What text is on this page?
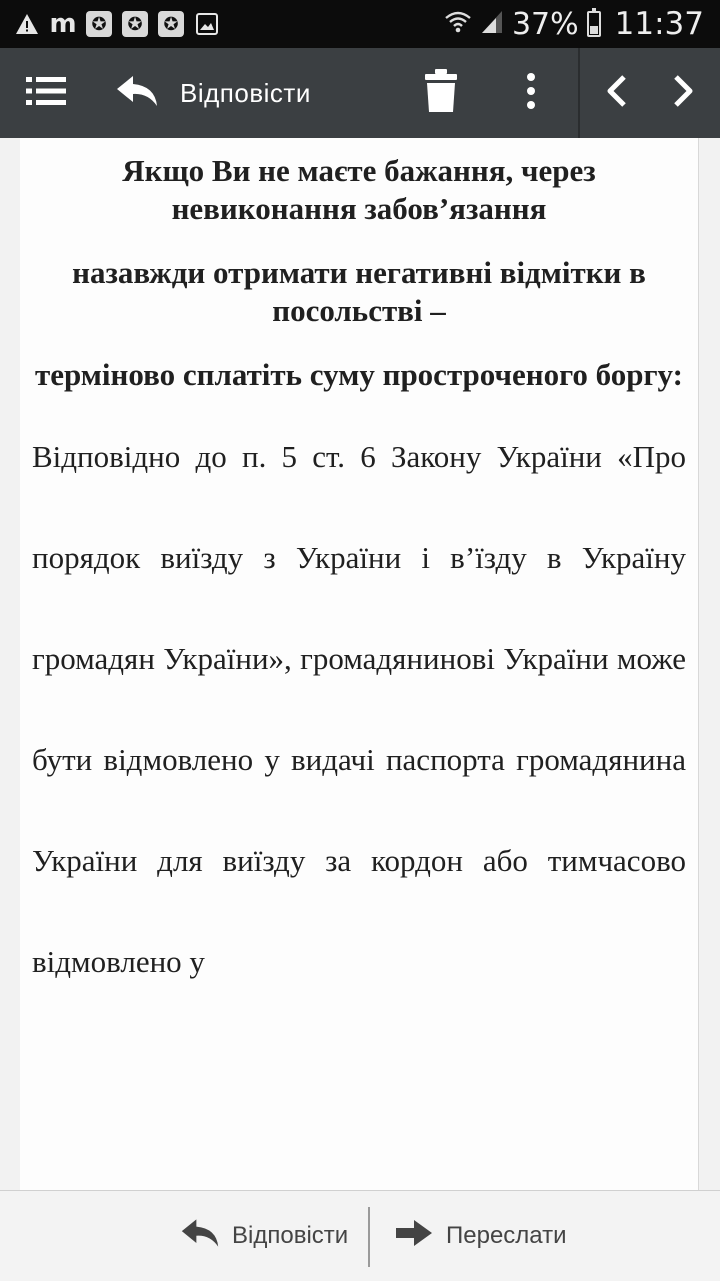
m ✪	✪	✪	37% 11:37
Відповісти
Якщо Ви не маєте бажання, через невиконання забов’язання
назавжди отримати негативні відмітки в посольстві –
терміново сплатіть суму простроченого боргу:
Відповідно до п. 5 ст. 6 Закону України «Про порядок виїзду з України і в’їзду в Україну громадян України», громадянинові України може бути відмовлено у видачі паспорта громадянина України для виїзду за кордон або тимчасово відмовлено у
Відповісти	Переслати
